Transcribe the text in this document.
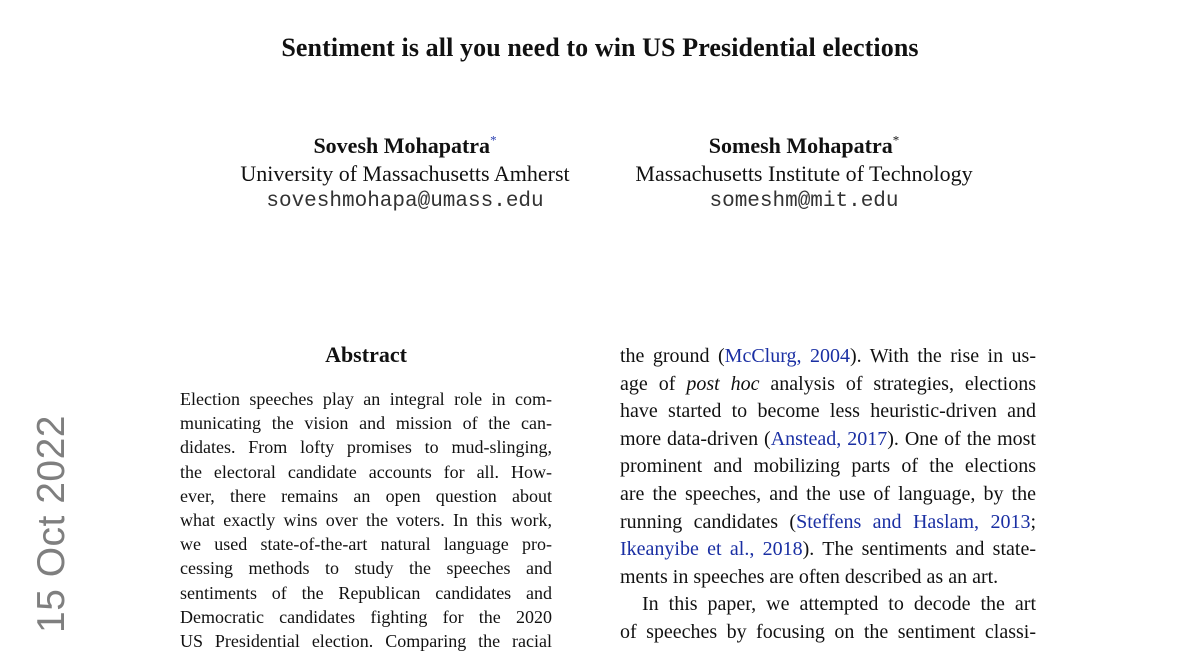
Sentiment is all you need to win US Presidential elections
Sovesh Mohapatra*
University of Massachusetts Amherst
soveshmohapa@umass.edu
Somesh Mohapatra*
Massachusetts Institute of Technology
someshm@mit.edu
15 Oct 2022
Abstract
Election speeches play an integral role in com-
municating the vision and mission of the can-
didates. From lofty promises to mud-slinging,
the electoral candidate accounts for all. How-
ever, there remains an open question about
what exactly wins over the voters. In this work,
we used state-of-the-art natural language pro-
cessing methods to study the speeches and
sentiments of the Republican candidates and
Democratic candidates fighting for the 2020
US Presidential election. Comparing the racial
the ground (McClurg, 2004). With the rise in us-
age of post hoc analysis of strategies, elections
have started to become less heuristic-driven and
more data-driven (Anstead, 2017). One of the most
prominent and mobilizing parts of the elections
are the speeches, and the use of language, by the
running candidates (Steffens and Haslam, 2013;
Ikeanyibe et al., 2018). The sentiments and state-
ments in speeches are often described as an art.
In this paper, we attempted to decode the art
of speeches by focusing on the sentiment classi-
